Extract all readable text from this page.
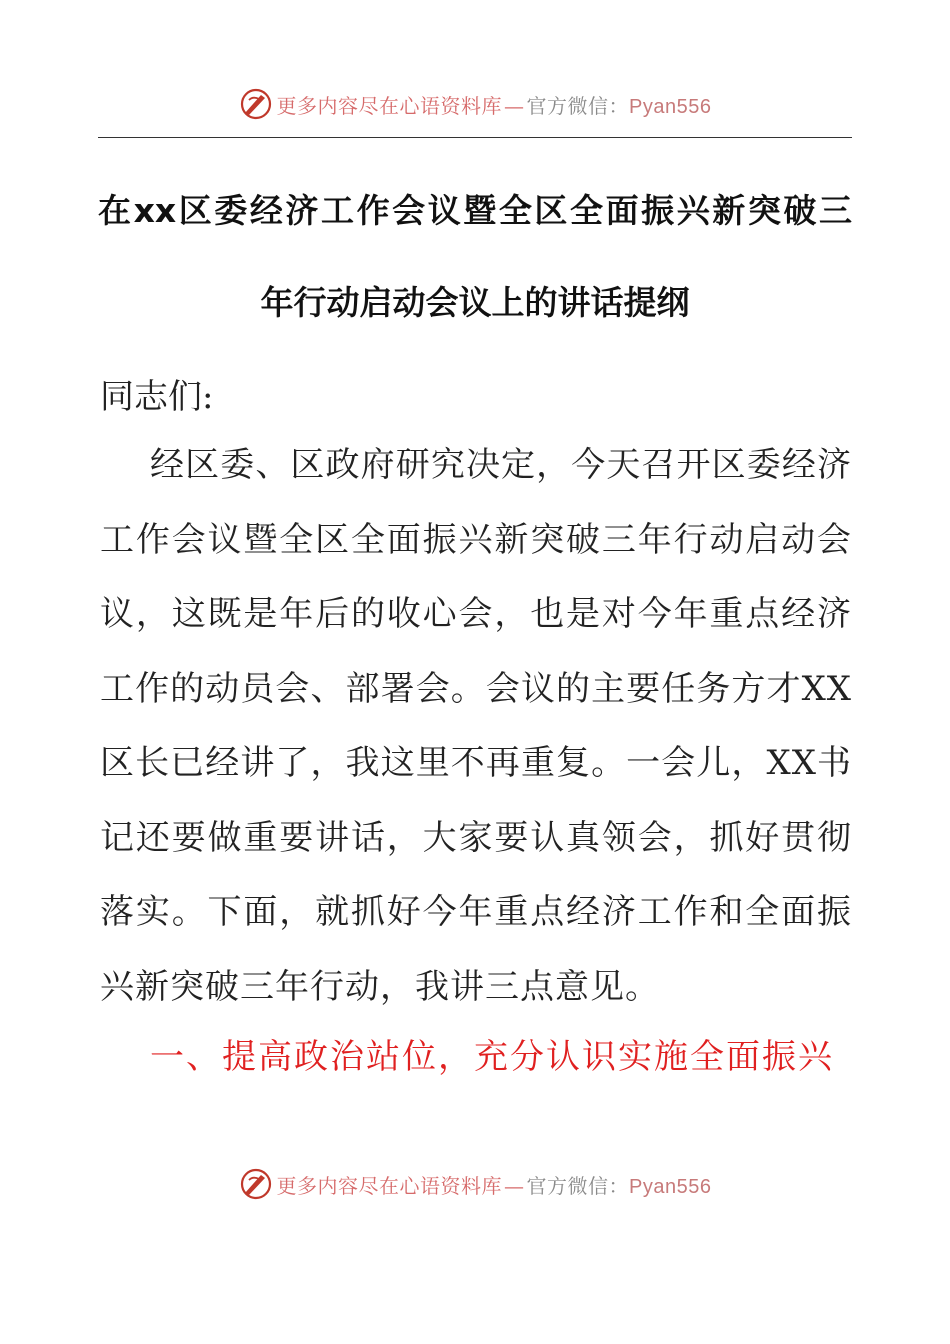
更多内容尽在心语资料库 — 官方微信：Pyan556
在xx区委经济工作会议暨全区全面振兴新突破三
年行动启动会议上的讲话提纲

同志们:

经区委、区政府研究决定，今天召开区委经济工作会议暨全区全面振兴新突破三年行动启动会议，这既是年后的收心会，也是对今年重点经济工作的动员会、部署会。会议的主要任务方才XX区长已经讲了，我这里不再重复。一会儿，XX书记还要做重要讲话，大家要认真领会，抓好贯彻落实。下面，就抓好今年重点经济工作和全面振兴新突破三年行动，我讲三点意见。

一、提高政治站位，充分认识实施全面振兴

更多内容尽在心语资料库 — 官方微信：Pyan556
